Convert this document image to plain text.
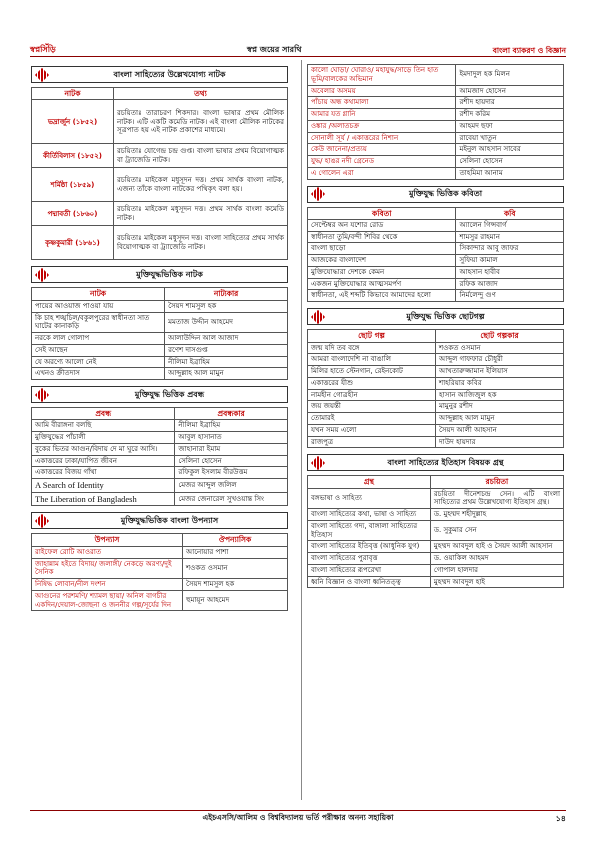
স্বপ্নসিঁড়ি	স্বপ্ন জয়ের সারথি	বাংলা ব্যাকরণ ও বিজ্ঞান
বাংলা সাহিত্যের উল্লেখযোগ্য নাটক
নাটক	তথ্য
ভদ্রার্জুন (১৮৫২)	রচয়িতাঃ তারাচরণ শিকদার। বাংলা ভাষার প্রথম মৌলিক নাটক। এটি একটি কমেডি নাটক। এই বাংলা মৌলিক নাটকের সূত্রপাত হয় এই নাটক প্রকাশের মাধ্যমে।
কীর্তিবিলাস (১৮৫২)	রচয়িতাঃ যোগেন্দ্র চন্দ্র গুপ্ত। বাংলা ভাষার প্রথম বিয়োগাত্মক বা ট্র্যাজেডি নাটক।
শর্মিষ্ঠা (১৮৫৯)	রচয়িতাঃ মাইকেল মধুসূদন দত্ত। প্রথম সার্থক বাংলা নাটক, এজন্য তাঁকে বাংলা নাটকের পথিকৃৎ বলা হয়।
পদ্মাবতী (১৮৬০)	রচয়িতাঃ মাইকেল মধুসূদন দত্ত। প্রথম সার্থক বাংলা কমেডি নাটক।
কৃষ্ণকুমারী (১৮৬১)	রচয়িতাঃ মাইকেল মধুসূদন দত্ত। বাংলা সাহিত্যের প্রথম সার্থক বিয়োগাত্মক বা ট্র্যাজেডি নাটক।
মুক্তিযুদ্ধভিত্তিক নাটক
নাটক	নাট্যকার
পায়ের আওয়াজ পাওয়া যায়	সৈয়দ শামসুল হক
কি চাহ শঙ্খচিল/বকুলপুরের স্বাধীনতা সাত ঘাটের কানাকড়ি	মমতাজ উদ্দীন আহমেদ
নরকে লাল গোলাপ	আলাউদ্দিন আল আজাদ
সেই আছেন	রণেশ দাসগুপ্ত
যে অরণ্যে আলো নেই	নীলিমা ইব্রাহিম
এখনও ক্রীতদাস	আব্দুল্লাহ আল মামুন
মুক্তিযুদ্ধ ভিত্তিক প্রবন্ধ
প্রবন্ধ	প্রবন্ধকার
আমি বীরাঙ্গনা বলছি	নীলিমা ইব্রাহিম
মুক্তিযুদ্ধের পাঁচালী	আবুল হাসানাত
বুকের ভিতর আগুন/বিদায় দে মা ঘুরে আসি।	জাহানারা ইমাম
একাত্তরের ঢাকা/যাপিত জীবন	সেলিনা হোসেন
একাত্তরের বিজয় গাঁথা	রফিকুল ইসলাম বীরউত্তম
A Search of Identity	মেজর আব্দুল জলিল
The Liberation of Bangladesh	মেজর জেনারেল সুখওয়ান্ত সিং
মুক্তিযুদ্ধভিত্তিক বাংলা উপন্যাস
উপন্যাস	ঔপন্যাসিক
রাইফেল রোটি আওরাত	আনোয়ার পাশা
জাহান্নাম হইতে বিদায়/ জলাঙ্গী/ নেকড়ে অরণ্য/দুই সৈনিক	শওকত ওসমান
নিষিদ্ধ লোবান/নীল দংশন	সৈয়দ শামসুল হক
আগুনের পরশমণি/ শ্যামল ছায়া/ অনিল বাগচীর একদিন/দেয়াল-জোছনা ও জননীর গল্প/সূর্যের দিন	হুমায়ূন আহমেদ
কালো ঘোড়া/ ঘোরাও/ মহাযুদ্ধ/সাড়ে তিন হাত ভূমি/বালকের অভিমান	ইমদাদুল হক মিলন
অবেলার অসময়	আমজাদ হোসেন
পাঁচায় অন্ধ কথামালা	রশীদ হায়দার
আমার যত গ্লানি	রশীদ করিম
ওঙ্কার /অলাতচক্র	আহমদ ছফা
সোনালী সূর্য / একাত্তরের নিশান	রাবেয়া খাতুন
কেউ জানেনা/প্রত্যয়	মইনুল আহসান সাবের
যুদ্ধ/ হাঙর নদী গ্রেনেড	সেলিনা হোসেন
এ গোলেন এরা	তাহমিমা আনাম
মুক্তিযুদ্ধ ভিত্তিক কবিতা
কবিতা	কবি
সেপ্টেম্বর অন যশোর রোড	অ্যালেন গিন্সবার্গ
স্বাধীনতা তুমি/বন্দী শিবির থেকে	শামসুর রাহমান
বাংলা ছাড়ো	সিকান্দার আবু জাফর
আজকের বাংলাদেশ	সুফিয়া কামাল
মুক্তিযোদ্ধারা দেশকে কেমন	আহসান হাবীব
একজন মুক্তিযোদ্ধার আত্মসমর্পণ	রফিক আজাদ
স্বাধীনতা, এই শব্দটি কিভাবে আমাদের হলো	নির্মলেন্দু গুণ
মুক্তিযুদ্ধ ভিত্তিক ছোটগল্প
ছোট গল্প	ছোট গল্পকার
জন্ম যদি তব বঙ্গে	শওকত ওসমান
আমরা বাংলাদেশি না বাঙালি	আব্দুল গাফফার চৌধুরী
মিলির হাতে স্টেনগান, রেইনকোট	আখতারুজ্জামান ইলিয়াস
একাত্তরের যীশু	শাহরিয়ার কবির
নামহীন গোত্রহীন	হাসান আজিজুল হক
জয় জয়ন্তী	মামুনুর রশীদ
তোমারই	আব্দুল্লাহ আল মামুন
যখন সময় এলো	সৈয়দ আলী আহসান
রাজপুত্র	দাউদ হায়দার
বাংলা সাহিত্যের ইতিহাস বিষয়ক গ্রন্থ
গ্রন্থ	রচয়িতা
বঙ্গভাষা ও সাহিত্য	রচয়িতা দীনেশচন্দ্র সেন। এটি বাংলা সাহিত্যের প্রথম উল্লেখযোগ্য ইতিহাস গ্রন্থ।
বাংলা সাহিত্যের কথা, ভাষা ও সাহিত্য	ড. মুহম্মদ শহীদুল্লাহ
বাংলা সাহিত্যে গদ্য, বাঙ্গালা সাহিত্যের ইতিহাস	ড. সুকুমার সেন
বাংলা সাহিত্যের ইতিবৃত্ত (আধুনিক যুগ)	মুহম্মদ আবদুল হাই ও সৈয়দ আলী আহসান
বাংলা সাহিত্যের পুরাবৃত্ত	ড. ওয়াকিল আহমদ
বাংলা সাহিত্যের রূপরেখা	গোপাল হালদার
ধ্বনি বিজ্ঞান ও বাংলা ধ্বনিতত্ত্ব	মুহম্মদ আবদুল হাই
এইচএসসি/আলিম ও বিশ্ববিদ্যালয় ভর্তি পরীক্ষার অনন্য সহায়িকা	১৪
